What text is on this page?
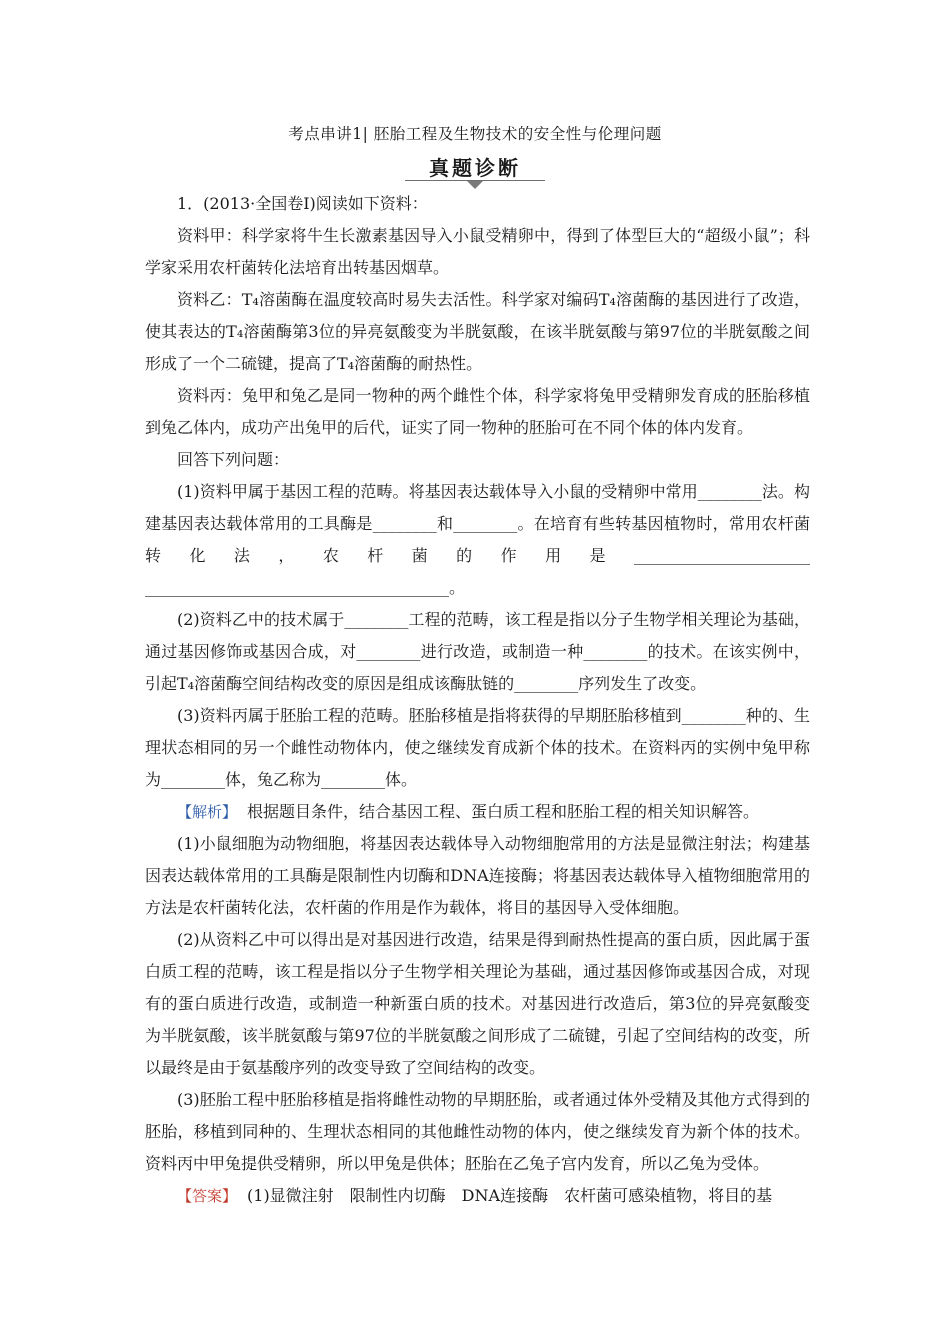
考点串讲1| 胚胎工程及生物技术的安全性与伦理问题
真题诊断

1．(2013·全国卷Ⅰ)阅读如下资料：

资料甲：科学家将牛生长激素基因导入小鼠受精卵中，得到了体型巨大的“超级小鼠”；科学家采用农杆菌转化法培育出转基因烟草。

资料乙：T₄溶菌酶在温度较高时易失去活性。科学家对编码T₄溶菌酶的基因进行了改造，使其表达的T₄溶菌酶第3位的异亮氨酸变为半胱氨酸，在该半胱氨酸与第97位的半胱氨酸之间形成了一个二硫键，提高了T₄溶菌酶的耐热性。

资料丙：兔甲和兔乙是同一物种的两个雌性个体，科学家将兔甲受精卵发育成的胚胎移植到兔乙体内，成功产出兔甲的后代，证实了同一物种的胚胎可在不同个体的体内发育。

回答下列问题：

(1)资料甲属于基因工程的范畴。将基因表达载体导入小鼠的受精卵中常用________法。构建基因表达载体常用的工具酶是________和________。在培育有些转基因植物时，常用农杆菌转化法，农杆菌的作用是______________________ ______________________________________。

(2)资料乙中的技术属于________工程的范畴，该工程是指以分子生物学相关理论为基础，通过基因修饰或基因合成，对________进行改造，或制造一种________的技术。在该实例中，引起T₄溶菌酶空间结构改变的原因是组成该酶肽链的________序列发生了改变。

(3)资料丙属于胚胎工程的范畴。胚胎移植是指将获得的早期胚胎移植到________种的、生理状态相同的另一个雌性动物体内，使之继续发育成新个体的技术。在资料丙的实例中兔甲称为________体，兔乙称为________体。

【解析】 根据题目条件，结合基因工程、蛋白质工程和胚胎工程的相关知识解答。

(1)小鼠细胞为动物细胞，将基因表达载体导入动物细胞常用的方法是显微注射法；构建基因表达载体常用的工具酶是限制性内切酶和DNA连接酶；将基因表达载体导入植物细胞常用的方法是农杆菌转化法，农杆菌的作用是作为载体，将目的基因导入受体细胞。

(2)从资料乙中可以得出是对基因进行改造，结果是得到耐热性提高的蛋白质，因此属于蛋白质工程的范畴，该工程是指以分子生物学相关理论为基础，通过基因修饰或基因合成，对现有的蛋白质进行改造，或制造一种新蛋白质的技术。对基因进行改造后，第3位的异亮氨酸变为半胱氨酸，该半胱氨酸与第97位的半胱氨酸之间形成了二硫键，引起了空间结构的改变，所以最终是由于氨基酸序列的改变导致了空间结构的改变。

(3)胚胎工程中胚胎移植是指将雌性动物的早期胚胎，或者通过体外受精及其他方式得到的胚胎，移植到同种的、生理状态相同的其他雌性动物的体内，使之继续发育为新个体的技术。资料丙中甲兔提供受精卵，所以甲兔是供体；胚胎在乙兔子宫内发育，所以乙兔为受体。

【答案】 (1)显微注射　限制性内切酶　DNA连接酶　农杆菌可感染植物，将目的基
